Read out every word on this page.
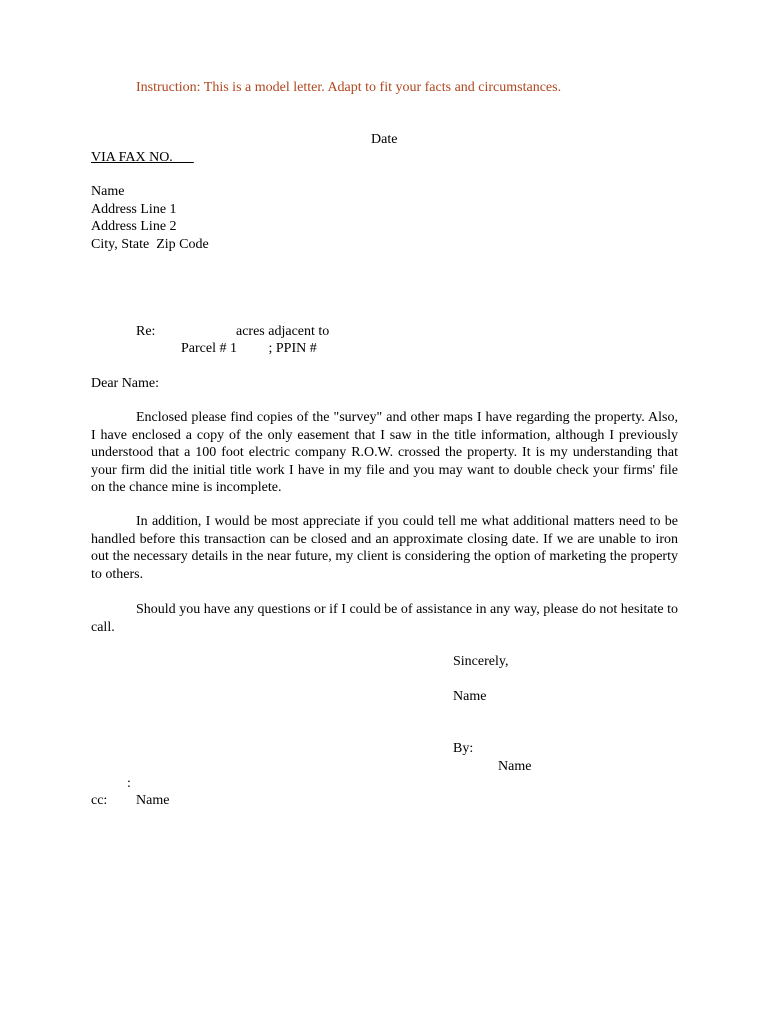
Instruction: This is a model letter. Adapt to fit your facts and circumstances.
Date
VIA FAX NO.
Name
Address Line 1
Address Line 2
City, State  Zip Code
Re:	acres adjacent to
Parcel # 1         ; PPIN #
Dear Name:

Enclosed please find copies of the "survey" and other maps I have regarding the property. Also, I have enclosed a copy of the only easement that I saw in the title information, although I previously understood that a 100 foot electric company R.O.W. crossed the property. It is my understanding that your firm did the initial title work I have in my file and you may want to double check your firms' file on the chance mine is incomplete.

In addition, I would be most appreciate if you could tell me what additional matters need to be handled before this transaction can be closed and an approximate closing date. If we are unable to iron out the necessary details in the near future, my client is considering the option of marketing the property to others.

Should you have any questions or if I could be of assistance in any way, please do not hesitate to call.

Sincerely,
Name
By:
Name
:
cc: Name
